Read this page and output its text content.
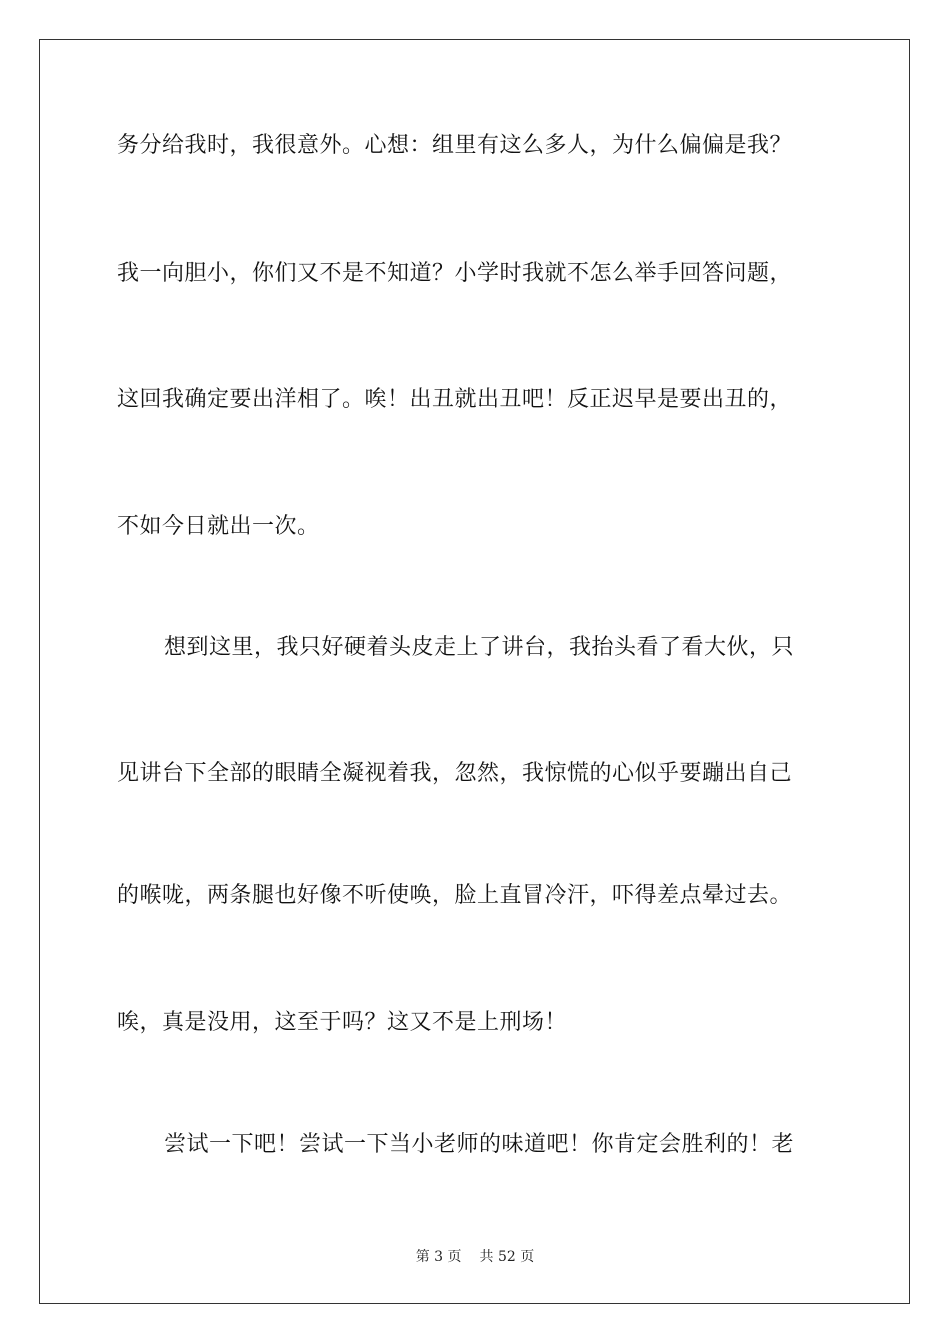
务分给我时，我很意外。心想：组里有这么多人，为什么偏偏是我？
我一向胆小，你们又不是不知道？小学时我就不怎么举手回答问题，
这回我确定要出洋相了。唉！出丑就出丑吧！反正迟早是要出丑的，
不如今日就出一次。
想到这里，我只好硬着头皮走上了讲台，我抬头看了看大伙，只
见讲台下全部的眼睛全凝视着我，忽然，我惊慌的心似乎要蹦出自己
的喉咙，两条腿也好像不听使唤，脸上直冒冷汗，吓得差点晕过去。
唉，真是没用，这至于吗？这又不是上刑场！
尝试一下吧！尝试一下当小老师的味道吧！你肯定会胜利的！老
第 3 页 共 52 页
